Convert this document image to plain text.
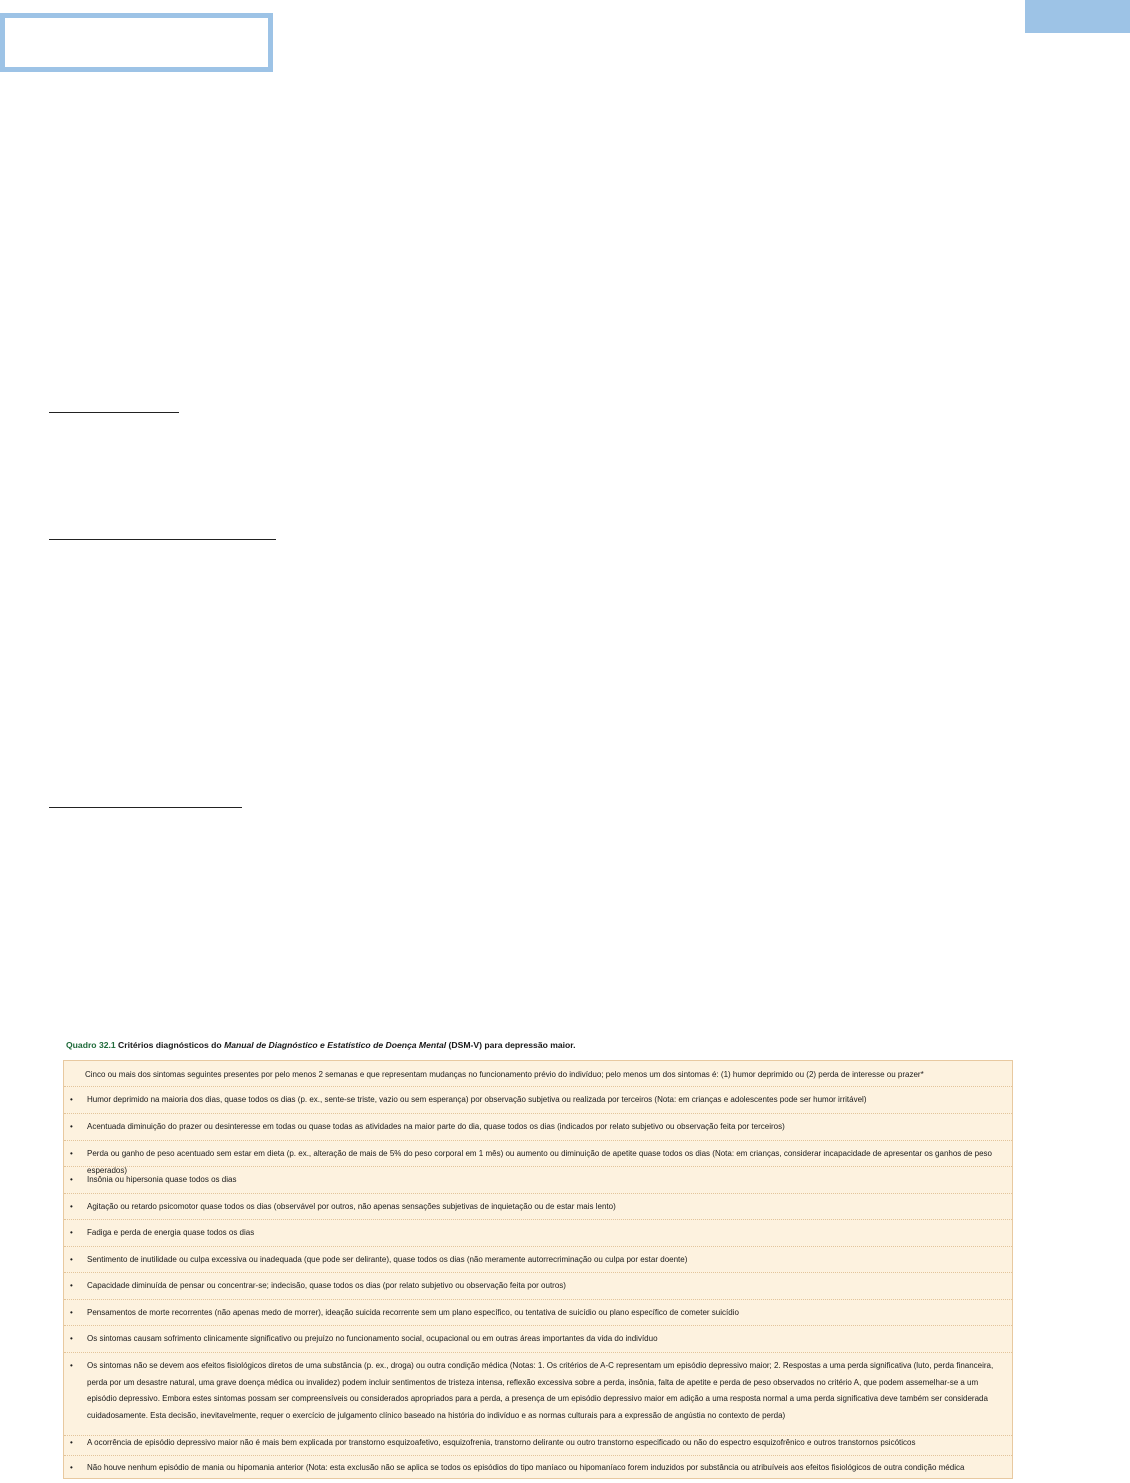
Quadro 32.1 Critérios diagnósticos do Manual de Diagnóstico e Estatístico de Doença Mental (DSM-V) para depressão maior.
Cinco ou mais dos sintomas seguintes presentes por pelo menos 2 semanas e que representam mudanças no funcionamento prévio do indivíduo; pelo menos um dos sintomas é: (1) humor deprimido ou (2) perda de interesse ou prazer*
•	Humor deprimido na maioria dos dias, quase todos os dias (p. ex., sente-se triste, vazio ou sem esperança) por observação subjetiva ou realizada por terceiros (Nota: em crianças e adolescentes pode ser humor irritável)
•	Acentuada diminuição do prazer ou desinteresse em todas ou quase todas as atividades na maior parte do dia, quase todos os dias (indicados por relato subjetivo ou observação feita por terceiros)
•	Perda ou ganho de peso acentuado sem estar em dieta (p. ex., alteração de mais de 5% do peso corporal em 1 mês) ou aumento ou diminuição de apetite quase todos os dias (Nota: em crianças, considerar incapacidade de apresentar os ganhos de peso esperados)
•	Insônia ou hipersonia quase todos os dias
•	Agitação ou retardo psicomotor quase todos os dias (observável por outros, não apenas sensações subjetivas de inquietação ou de estar mais lento)
•	Fadiga e perda de energia quase todos os dias
•	Sentimento de inutilidade ou culpa excessiva ou inadequada (que pode ser delirante), quase todos os dias (não meramente autorrecriminação ou culpa por estar doente)
•	Capacidade diminuída de pensar ou concentrar-se; indecisão, quase todos os dias (por relato subjetivo ou observação feita por outros)
•	Pensamentos de morte recorrentes (não apenas medo de morrer), ideação suicida recorrente sem um plano específico, ou tentativa de suicídio ou plano específico de cometer suicídio
•	Os sintomas causam sofrimento clinicamente significativo ou prejuízo no funcionamento social, ocupacional ou em outras áreas importantes da vida do indivíduo
•	Os sintomas não se devem aos efeitos fisiológicos diretos de uma substância (p. ex., droga) ou outra condição médica (Notas: 1. Os critérios de A-C representam um episódio depressivo maior; 2. Respostas a uma perda significativa (luto, perda financeira, perda por um desastre natural, uma grave doença médica ou invalidez) podem incluir sentimentos de tristeza intensa, reflexão excessiva sobre a perda, insônia, falta de apetite e perda de peso observados no critério A, que podem assemelhar-se a um episódio depressivo. Embora estes sintomas possam ser compreensíveis ou considerados apropriados para a perda, a presença de um episódio depressivo maior em adição a uma resposta normal a uma perda significativa deve também ser considerada cuidadosamente. Esta decisão, inevitavelmente, requer o exercício de julgamento clínico baseado na história do indivíduo e as normas culturais para a expressão de angústia no contexto de perda)
•	A ocorrência de episódio depressivo maior não é mais bem explicada por transtorno esquizoafetivo, esquizofrenia, transtorno delirante ou outro transtorno especificado ou não do espectro esquizofrênico e outros transtornos psicóticos
•	Não houve nenhum episódio de mania ou hipomania anterior (Nota: esta exclusão não se aplica se todos os episódios do tipo maníaco ou hipomaníaco forem induzidos por substância ou atribuíveis aos efeitos fisiológicos de outra condição médica
